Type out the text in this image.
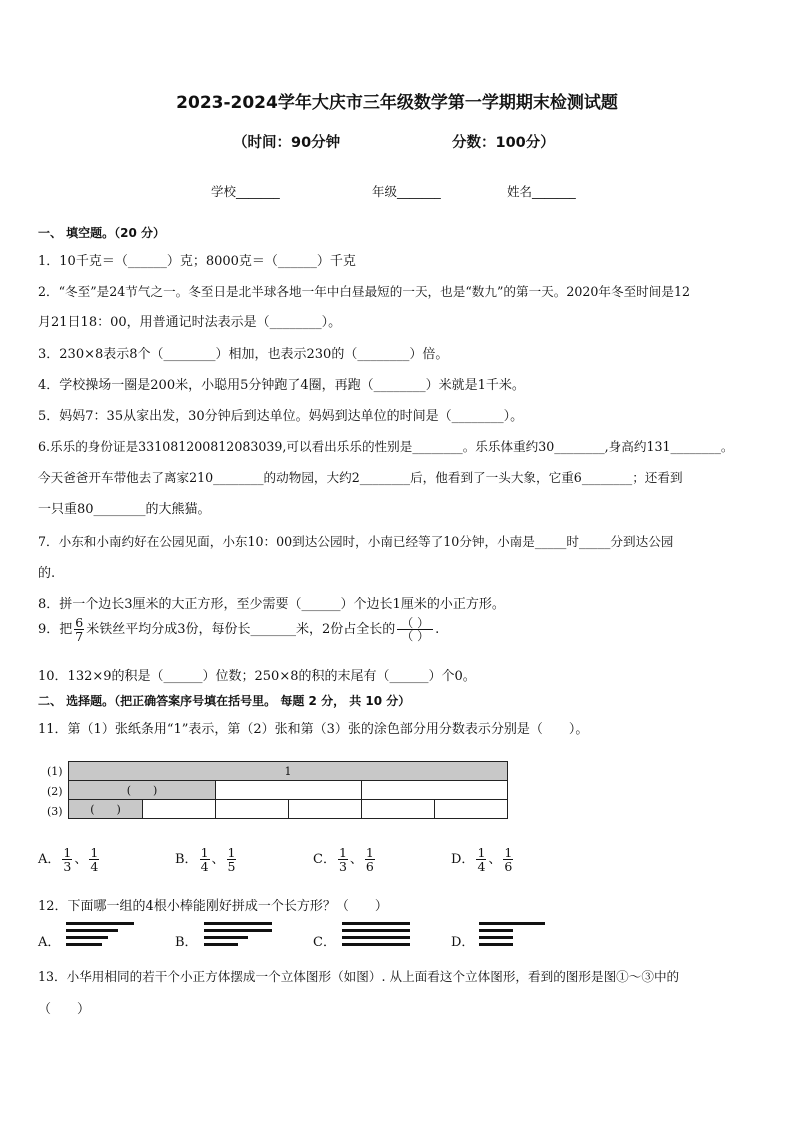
2023-2024学年大庆市三年级数学第一学期期末检测试题
（时间：90分钟	分数：100分）
学校_______	年级_______	姓名_______
一、 填空题。（20 分）
1．10千克＝（______）克；8000克＝（______）千克
2．“冬至”是24节气之一。冬至日是北半球各地一年中白昼最短的一天，也是“数九”的第一天。2020年冬至时间是12
月21日18：00，用普通记时法表示是（________）。
3．230×8表示8个（________）相加，也表示230的（________）倍。
4．学校操场一圈是200米，小聪用5分钟跑了4圈，再跑（________）米就是1千米。
5．妈妈7：35从家出发，30分钟后到达单位。妈妈到达单位的时间是（________）。
6.乐乐的身份证是331081200812083039,可以看出乐乐的性别是________。乐乐体重约30________,身高约131________。
今天爸爸开车带他去了离家210________的动物园，大约2________后，他看到了一头大象，它重6________；还看到
一只重80________的大熊猫。
7．小东和小南约好在公园见面，小东10：00到达公园时，小南已经等了10分钟，小南是_____时_____分到达公园
的.
8．拼一个边长3厘米的大正方形，至少需要（______）个边长1厘米的小正方形。
9．把 $\frac{6}{7}$ 米铁丝平均分成3份，每份长_______米，2份占全长的 $\frac{( )}{( )}$ .
10．132×9的积是（______）位数；250×8的积的末尾有（______）个0。
二、 选择题。（把正确答案序号填在括号里。 每题 2 分， 共 10 分）
11．第（1）张纸条用“1”表示，第（2）张和第（3）张的涂色部分用分数表示分别是（　　）。
(1)
(2)
(3)
1					
(　　)					
(　　)					
A． $\frac{1}{3}$ 、 $\frac{1}{4}$	B． $\frac{1}{4}$ 、 $\frac{1}{5}$	C． $\frac{1}{3}$ 、 $\frac{1}{6}$	D． $\frac{1}{4}$ 、 $\frac{1}{6}$
12．下面哪一组的4根小棒能刚好拼成一个长方形？（　　）
A．	B．	C．	D．
13．小华用相同的若干个小正方体摆成一个立体图形（如图）. 从上面看这个立体图形，看到的图形是图①～③中的
（　　）
